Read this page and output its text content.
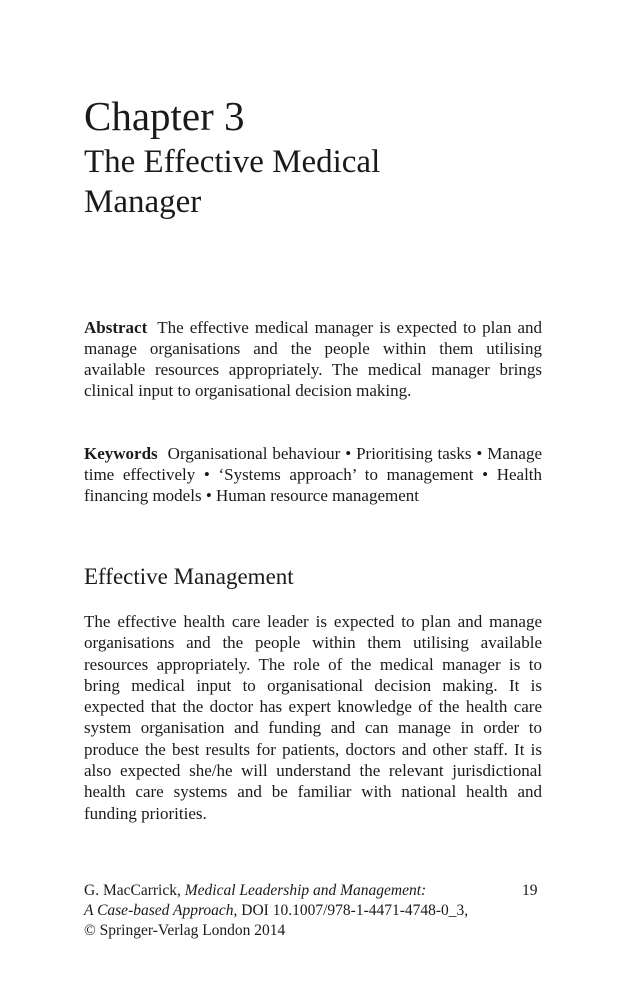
Chapter 3
The Effective Medical
Manager

Abstract The effective medical manager is expected to plan and manage organisations and the people within them utilising available resources appropriately. The medical manager brings clinical input to organisational decision making.

Keywords Organisational behaviour • Prioritising tasks • Manage time effectively • ‘Systems approach’ to management • Health financing models • Human resource management

Effective Management

The effective health care leader is expected to plan and manage organisations and the people within them utilising available resources appropriately. The role of the medical manager is to bring medical input to organisational decision making. It is expected that the doctor has expert knowledge of the health care system organisation and funding and can manage in order to produce the best results for patients, doctors and other staff. It is also expected she/he will understand the relevant jurisdictional health care systems and be familiar with national health and funding priorities.

G. MacCarrick, Medical Leadership and Management:
A Case-based Approach, DOI 10.1007/978-1-4471-4748-0_3,
© Springer-Verlag London 2014
19
